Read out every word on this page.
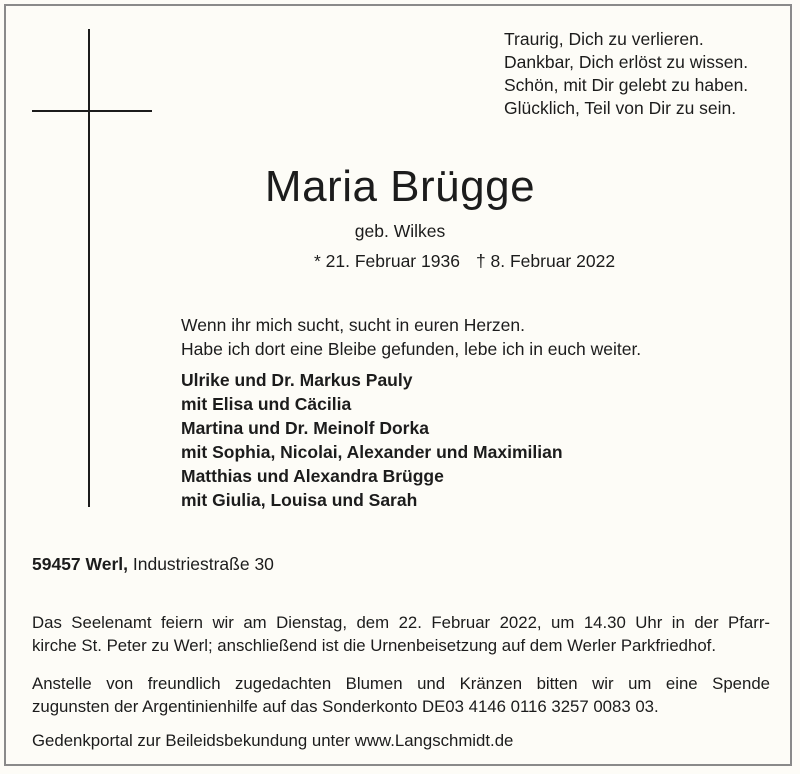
Traurig, Dich zu verlieren.
Dankbar, Dich erlöst zu wissen.
Schön, mit Dir gelebt zu haben.
Glücklich, Teil von Dir zu sein.
Maria Brügge
geb. Wilkes
* 21. Februar 1936 † 8. Februar 2022
Wenn ihr mich sucht, sucht in euren Herzen.
Habe ich dort eine Bleibe gefunden, lebe ich in euch weiter.
Ulrike und Dr. Markus Pauly
mit Elisa und Cäcilia
Martina und Dr. Meinolf Dorka
mit Sophia, Nicolai, Alexander und Maximilian
Matthias und Alexandra Brügge
mit Giulia, Louisa und Sarah
59457 Werl, Industriestraße 30
Das Seelenamt feiern wir am Dienstag, dem 22. Februar 2022, um 14.30 Uhr in der Pfarr-
kirche St. Peter zu Werl; anschließend ist die Urnenbeisetzung auf dem Werler Parkfriedhof.
Anstelle von freundlich zugedachten Blumen und Kränzen bitten wir um eine Spende
zugunsten der Argentinienhilfe auf das Sonderkonto DE03 4146 0116 3257 0083 03.
Gedenkportal zur Beileidsbekundung unter www.Langschmidt.de
